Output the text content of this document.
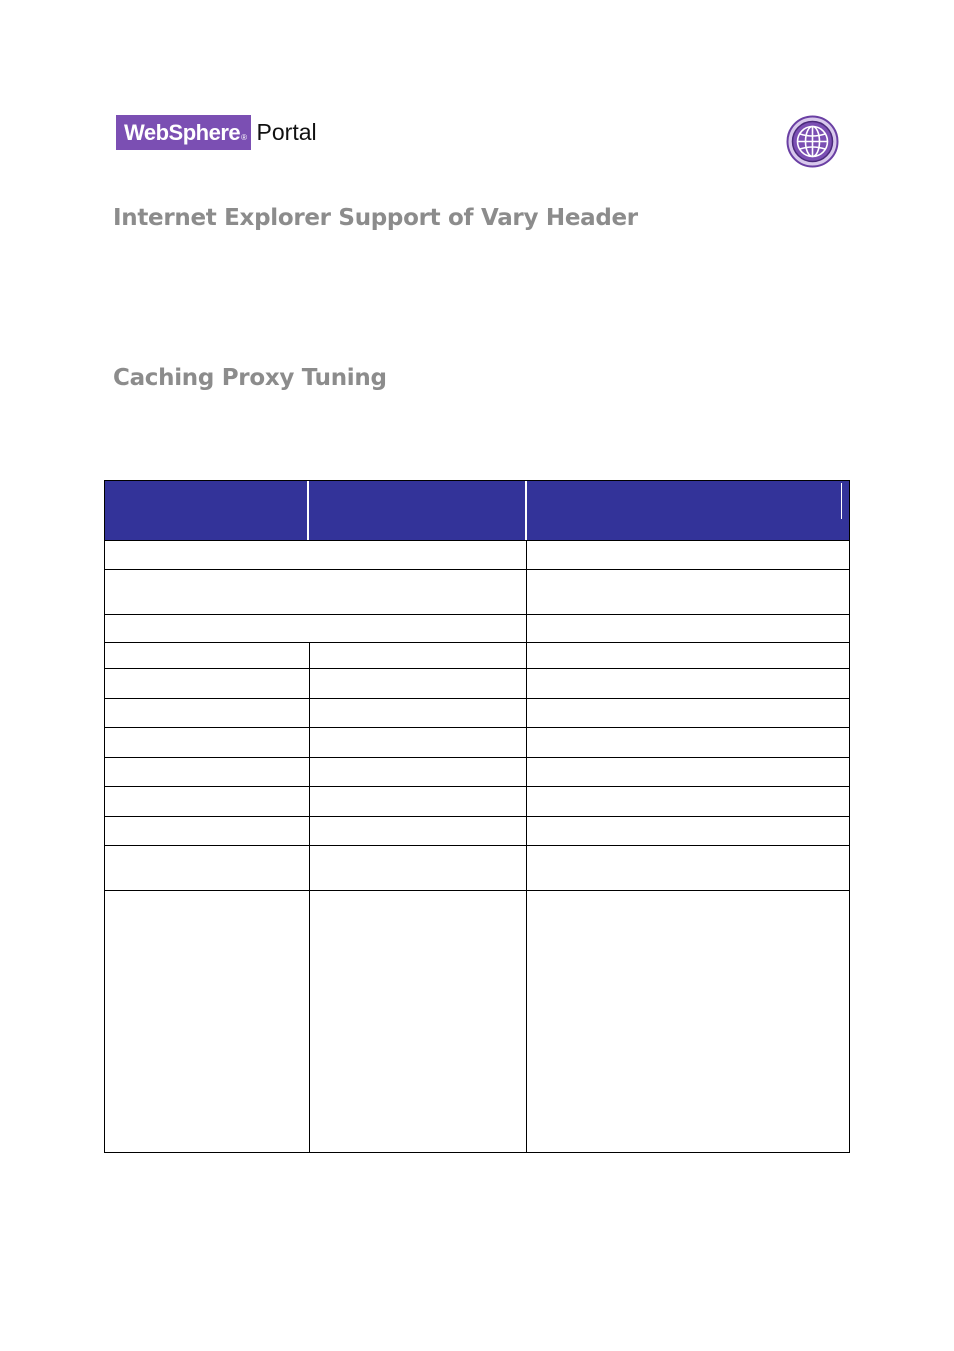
WebSphere ® Portal
Internet Explorer Support of Vary Header
Caching Proxy Tuning
